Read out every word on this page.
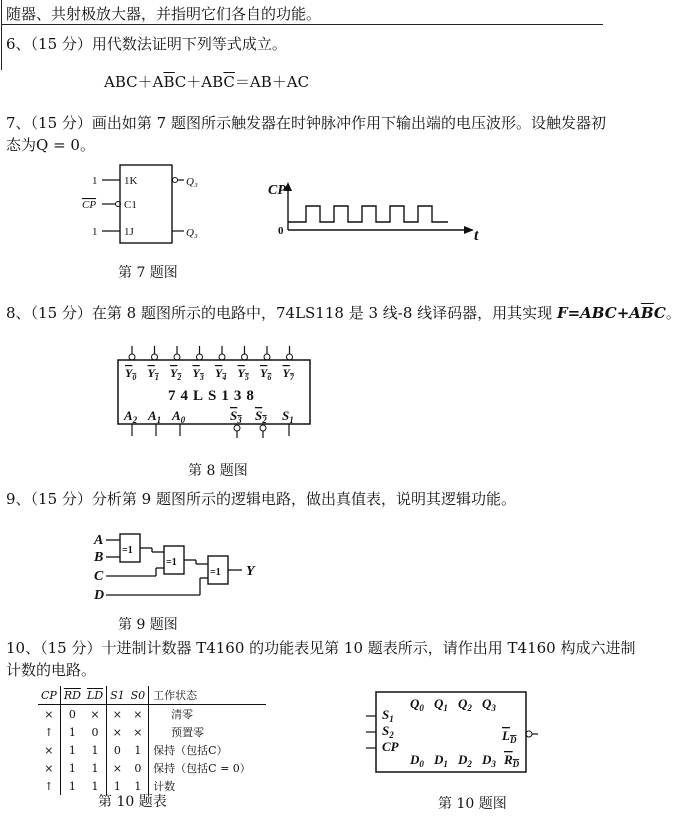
随器、共射极放大器，并指明它们各自的功能。
6、（15 分）用代数法证明下列等式成立。
$ABC+A\overline{B}C+AB\overline{C}=AB+AC$
7、（15 分）画出如第 7 题图所示触发器在时钟脉冲作用下输出端的电压波形。设触发器初
态为Q = 0。
1 1K
CP	C1
1 1J
Q₃
Q₃
CP
0	t
第 7 题图
8、（15 分）在第 8 题图所示的电路中，74LS118 是 3 线-8 线译码器，用其实现 $F=ABC+A\overline{B}C$。
$Y_0$ $Y_1$ $Y_2$ $Y_3$ $Y_4$ $Y_5$ $Y_6$ $Y_7$
74LS138
$A_2$ $A_1$ $A_0$	$S_3$ $S_2$ $S_1$
第 8 题图
9、（15 分）分析第 9 题图所示的逻辑电路，做出真值表，说明其逻辑功能。
A
B
C
D
=1
=1
=1 Y
第 9 题图
10、（15 分）十进制计数器 T4160 的功能表见第 10 题表所示，请作出用 T4160 构成六进制
计数的电路。
CP	$\overline{RD}$	$\overline{LD}$	S1	S0	工作状态
×	0	×	×	×	清零
↑	1	0	×	×	预置零
×	1	1	0	1	保持（包括C）
×	1	1	×	0	保持（包括C = 0）
↑	1	1	1	1	计数
第 10 题表
$Q_0$ $Q_1$ $Q_2$ $Q_3$
$S_1$
$S_2$
CP
$L_D$
$D_0$ $D_1$ $D_2$ $D_3$ $R_D$
第 10 题图
